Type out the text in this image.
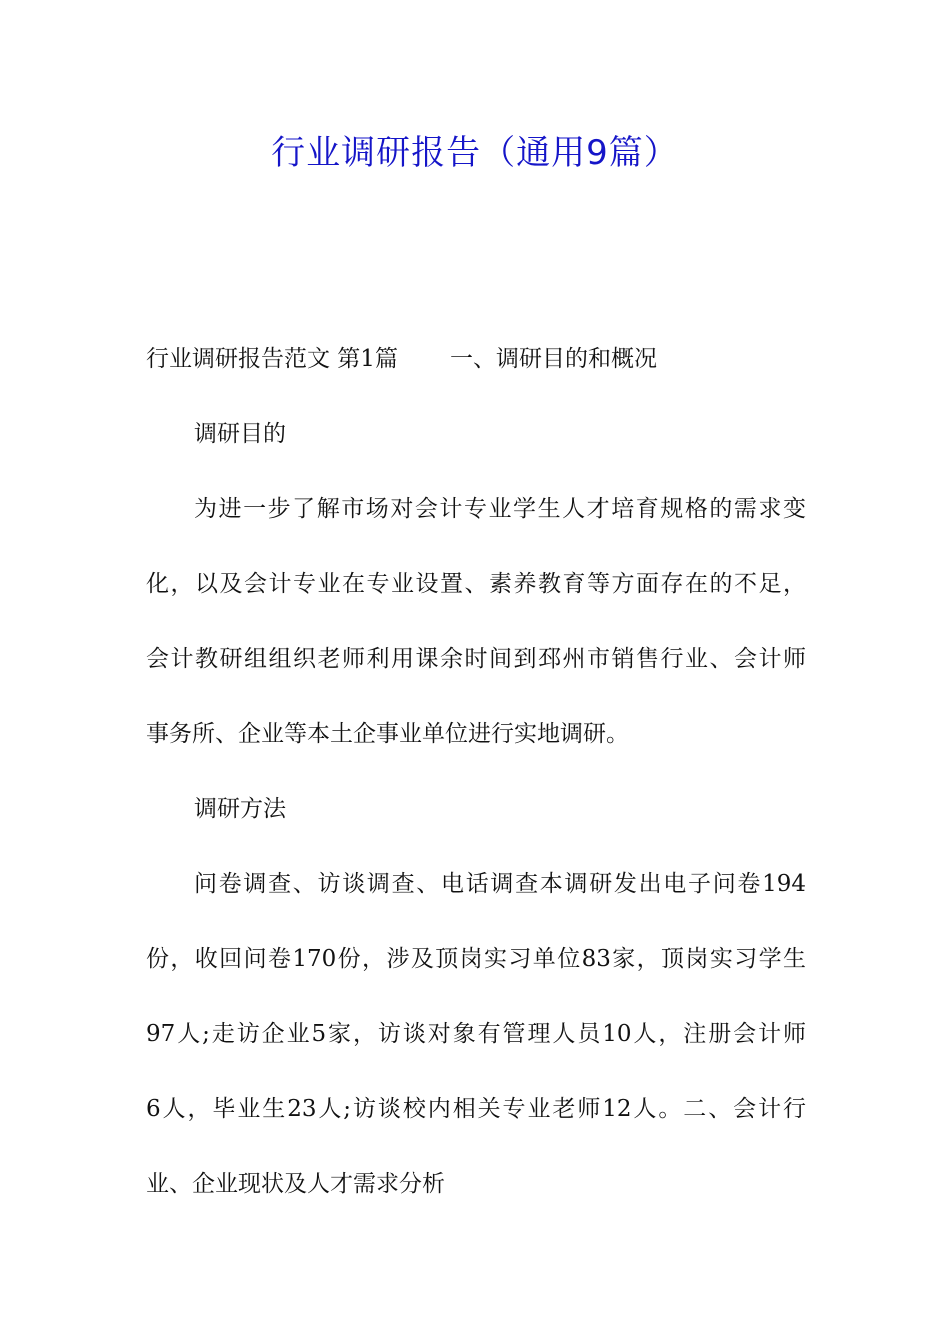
行业调研报告（通用9篇）

行业调研报告范文 第1篇 一、调研目的和概况

调研目的

为进一步了解市场对会计专业学生人才培育规格的需求变

化，以及会计专业在专业设置、素养教育等方面存在的不足，

会计教研组组织老师利用课余时间到邳州市销售行业、会计师

事务所、企业等本土企事业单位进行实地调研。

调研方法

问卷调查、访谈调查、电话调查本调研发出电子问卷194

份，收回问卷170份，涉及顶岗实习单位83家，顶岗实习学生

97人;走访企业5家，访谈对象有管理人员10人，注册会计师

6人，毕业生23人;访谈校内相关专业老师12人。二、会计行

业、企业现状及人才需求分析
